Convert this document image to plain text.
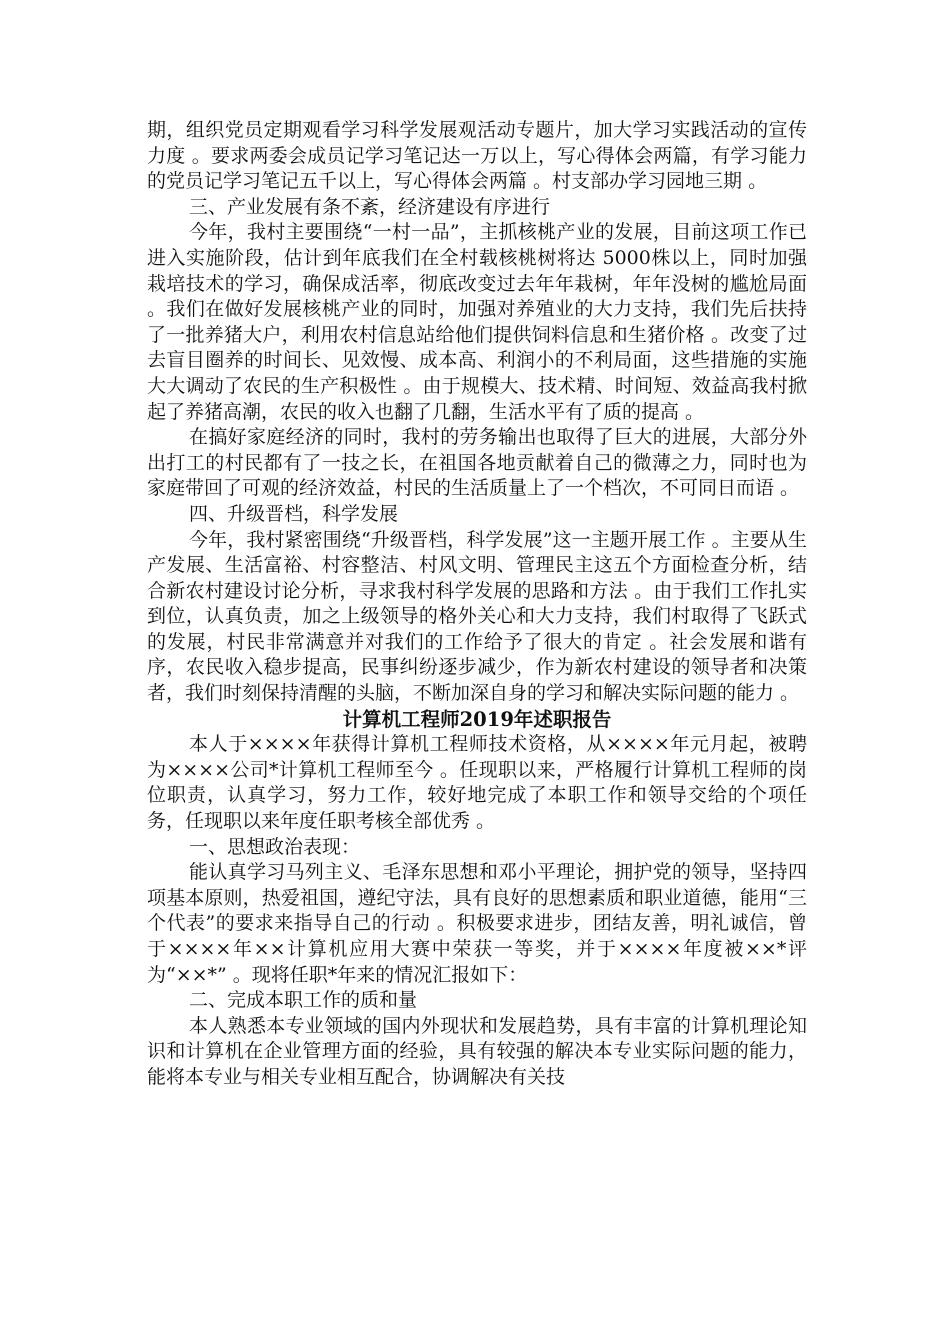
期，组织党员定期观看学习科学发展观活动专题片，加大学习实践活动的宣传力度 。要求两委会成员记学习笔记达一万以上，写心得体会两篇，有学习能力的党员记学习笔记五千以上，写心得体会两篇 。村支部办学习园地三期 。

三、产业发展有条不紊，经济建设有序进行

今年，我村主要围绕“一村一品”，主抓核桃产业的发展，目前这项工作已进入实施阶段，估计到年底我们在全村载核桃树将达 5000株以上，同时加强栽培技术的学习，确保成活率，彻底改变过去年年栽树，年年没树的尴尬局面 。我们在做好发展核桃产业的同时，加强对养殖业的大力支持，我们先后扶持了一批养猪大户，利用农村信息站给他们提供饲料信息和生猪价格 。改变了过去盲目圈养的时间长、见效慢、成本高、利润小的不利局面，这些措施的实施大大调动了农民的生产积极性 。由于规模大、技术精、时间短、效益高我村掀起了养猪高潮，农民的收入也翻了几翻，生活水平有了质的提高 。

在搞好家庭经济的同时，我村的劳务输出也取得了巨大的进展，大部分外出打工的村民都有了一技之长，在祖国各地贡献着自己的微薄之力，同时也为家庭带回了可观的经济效益，村民的生活质量上了一个档次，不可同日而语 。

四、升级晋档，科学发展

今年，我村紧密围绕“升级晋档，科学发展”这一主题开展工作 。主要从生产发展、生活富裕、村容整洁、村风文明、管理民主这五个方面检查分析，结合新农村建设讨论分析，寻求我村科学发展的思路和方法 。由于我们工作扎实到位，认真负责，加之上级领导的格外关心和大力支持，我们村取得了飞跃式的发展，村民非常满意并对我们的工作给予了很大的肯定 。社会发展和谐有序，农民收入稳步提高，民事纠纷逐步减少，作为新农村建设的领导者和决策者，我们时刻保持清醒的头脑，不断加深自身的学习和解决实际问题的能力 。

计算机工程师2019年述职报告

本人于××××年获得计算机工程师技术资格，从××××年元月起，被聘为××××公司*计算机工程师至今 。任现职以来，严格履行计算机工程师的岗位职责，认真学习，努力工作，较好地完成了本职工作和领导交给的个项任务，任现职以来年度任职考核全部优秀 。

一、思想政治表现：

能认真学习马列主义、毛泽东思想和邓小平理论，拥护党的领导，坚持四项基本原则，热爱祖国，遵纪守法，具有良好的思想素质和职业道德，能用“三个代表”的要求来指导自己的行动 。积极要求进步，团结友善，明礼诚信，曾于××××年××计算机应用大赛中荣获一等奖，并于××××年度被××*评为“××*” 。现将任职*年来的情况汇报如下：

二、完成本职工作的质和量

本人熟悉本专业领域的国内外现状和发展趋势，具有丰富的计算机理论知识和计算机在企业管理方面的经验，具有较强的解决本专业实际问题的能力，能将本专业与相关专业相互配合，协调解决有关技
